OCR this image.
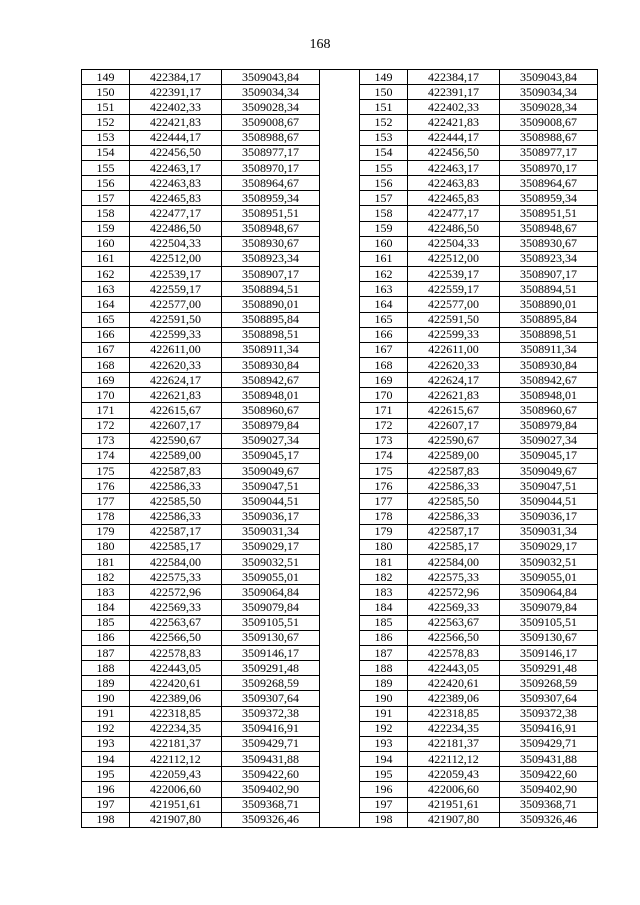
168
149	422384,17	3509043,84		149	422384,17	3509043,84
150	422391,17	3509034,34		150	422391,17	3509034,34
151	422402,33	3509028,34		151	422402,33	3509028,34
152	422421,83	3509008,67		152	422421,83	3509008,67
153	422444,17	3508988,67		153	422444,17	3508988,67
154	422456,50	3508977,17		154	422456,50	3508977,17
155	422463,17	3508970,17		155	422463,17	3508970,17
156	422463,83	3508964,67		156	422463,83	3508964,67
157	422465,83	3508959,34		157	422465,83	3508959,34
158	422477,17	3508951,51		158	422477,17	3508951,51
159	422486,50	3508948,67		159	422486,50	3508948,67
160	422504,33	3508930,67		160	422504,33	3508930,67
161	422512,00	3508923,34		161	422512,00	3508923,34
162	422539,17	3508907,17		162	422539,17	3508907,17
163	422559,17	3508894,51		163	422559,17	3508894,51
164	422577,00	3508890,01		164	422577,00	3508890,01
165	422591,50	3508895,84		165	422591,50	3508895,84
166	422599,33	3508898,51		166	422599,33	3508898,51
167	422611,00	3508911,34		167	422611,00	3508911,34
168	422620,33	3508930,84		168	422620,33	3508930,84
169	422624,17	3508942,67		169	422624,17	3508942,67
170	422621,83	3508948,01		170	422621,83	3508948,01
171	422615,67	3508960,67		171	422615,67	3508960,67
172	422607,17	3508979,84		172	422607,17	3508979,84
173	422590,67	3509027,34		173	422590,67	3509027,34
174	422589,00	3509045,17		174	422589,00	3509045,17
175	422587,83	3509049,67		175	422587,83	3509049,67
176	422586,33	3509047,51		176	422586,33	3509047,51
177	422585,50	3509044,51		177	422585,50	3509044,51
178	422586,33	3509036,17		178	422586,33	3509036,17
179	422587,17	3509031,34		179	422587,17	3509031,34
180	422585,17	3509029,17		180	422585,17	3509029,17
181	422584,00	3509032,51		181	422584,00	3509032,51
182	422575,33	3509055,01		182	422575,33	3509055,01
183	422572,96	3509064,84		183	422572,96	3509064,84
184	422569,33	3509079,84		184	422569,33	3509079,84
185	422563,67	3509105,51		185	422563,67	3509105,51
186	422566,50	3509130,67		186	422566,50	3509130,67
187	422578,83	3509146,17		187	422578,83	3509146,17
188	422443,05	3509291,48		188	422443,05	3509291,48
189	422420,61	3509268,59		189	422420,61	3509268,59
190	422389,06	3509307,64		190	422389,06	3509307,64
191	422318,85	3509372,38		191	422318,85	3509372,38
192	422234,35	3509416,91		192	422234,35	3509416,91
193	422181,37	3509429,71		193	422181,37	3509429,71
194	422112,12	3509431,88		194	422112,12	3509431,88
195	422059,43	3509422,60		195	422059,43	3509422,60
196	422006,60	3509402,90		196	422006,60	3509402,90
197	421951,61	3509368,71		197	421951,61	3509368,71
198	421907,80	3509326,46		198	421907,80	3509326,46
